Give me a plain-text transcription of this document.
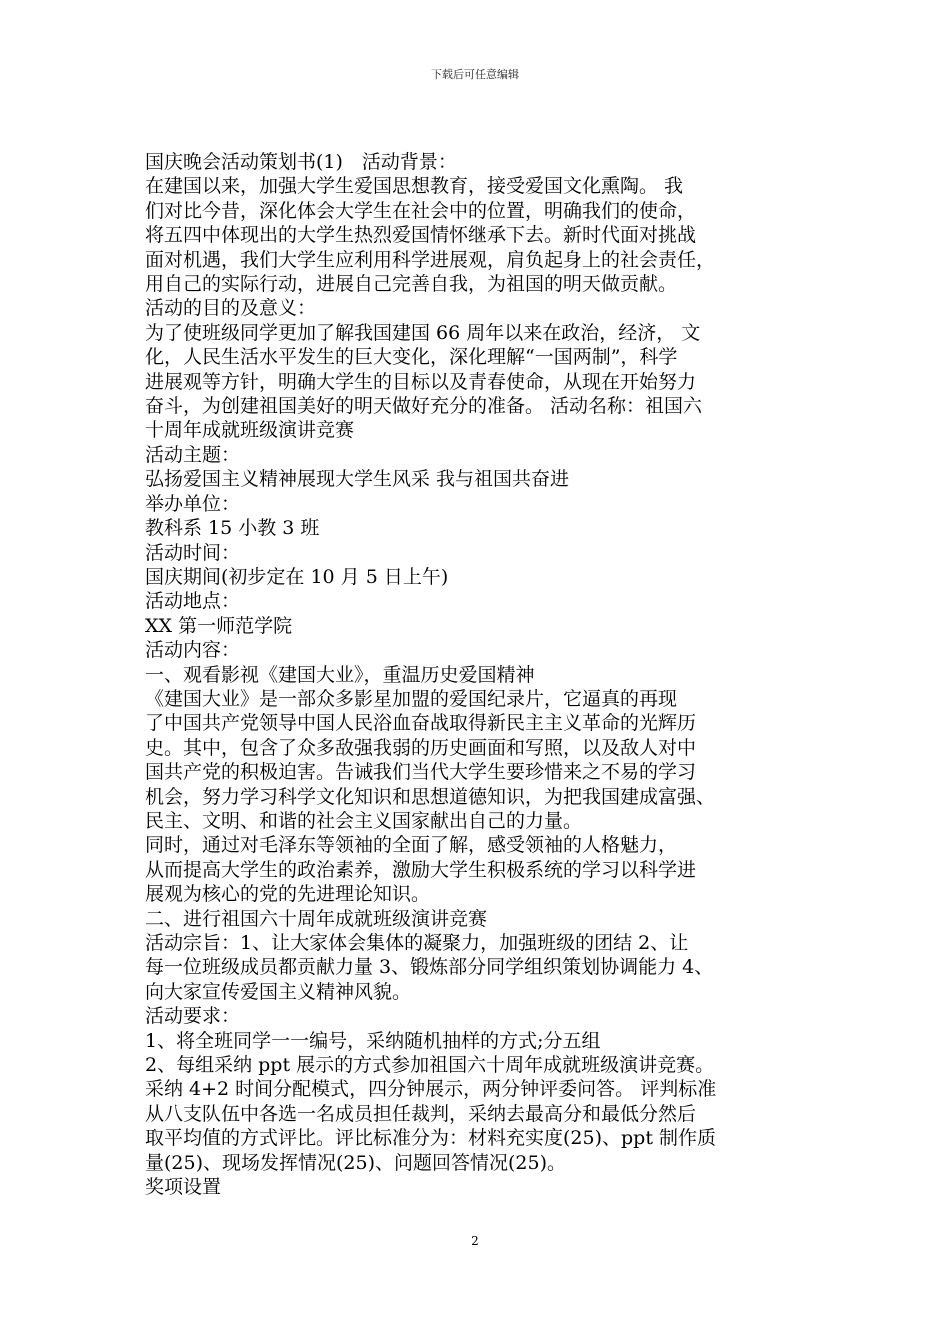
下载后可任意编辑

国庆晚会活动策划书(1)　活动背景：

在建国以来，加强大学生爱国思想教育，接受爱国文化熏陶。 我

们对比今昔，深化体会大学生在社会中的位置，明确我们的使命，

将五四中体现出的大学生热烈爱国情怀继承下去。新时代面对挑战

面对机遇，我们大学生应利用科学进展观，肩负起身上的社会责任，

用自己的实际行动，进展自己完善自我，为祖国的明天做贡献。

活动的目的及意义：

为了使班级同学更加了解我国建国 66 周年以来在政治，经济， 文

化，人民生活水平发生的巨大变化，深化理解“一国两制”，科学

进展观等方针，明确大学生的目标以及青春使命，从现在开始努力

奋斗，为创建祖国美好的明天做好充分的准备。 活动名称：祖国六

十周年成就班级演讲竞赛

活动主题：

弘扬爱国主义精神展现大学生风采 我与祖国共奋进

举办单位：

教科系 15 小教 3 班

活动时间：

国庆期间(初步定在 10 月 5 日上午)

活动地点：

XX 第一师范学院

活动内容：

一、观看影视《建国大业》，重温历史爱国精神

《建国大业》是一部众多影星加盟的爱国纪录片，它逼真的再现

了中国共产党领导中国人民浴血奋战取得新民主主义革命的光辉历

史。其中，包含了众多敌强我弱的历史画面和写照，以及敌人对中

国共产党的积极迫害。告诫我们当代大学生要珍惜来之不易的学习

机会，努力学习科学文化知识和思想道德知识，为把我国建成富强、

民主、文明、和谐的社会主义国家献出自己的力量。

同时，通过对毛泽东等领袖的全面了解，感受领袖的人格魅力，

从而提高大学生的政治素养，激励大学生积极系统的学习以科学进

展观为核心的党的先进理论知识。

二、进行祖国六十周年成就班级演讲竞赛

活动宗旨：1、让大家体会集体的凝聚力，加强班级的团结 2、让

每一位班级成员都贡献力量 3、锻炼部分同学组织策划协调能力 4、

向大家宣传爱国主义精神风貌。

活动要求：

1、将全班同学一一编号，采纳随机抽样的方式;分五组

2、每组采纳 ppt 展示的方式参加祖国六十周年成就班级演讲竞赛。

采纳 4+2 时间分配模式，四分钟展示，两分钟评委问答。 评判标准

从八支队伍中各选一名成员担任裁判，采纳去最高分和最低分然后

取平均值的方式评比。评比标准分为：材料充实度(25)、ppt 制作质

量(25)、现场发挥情况(25)、问题回答情况(25)。

奖项设置

2
